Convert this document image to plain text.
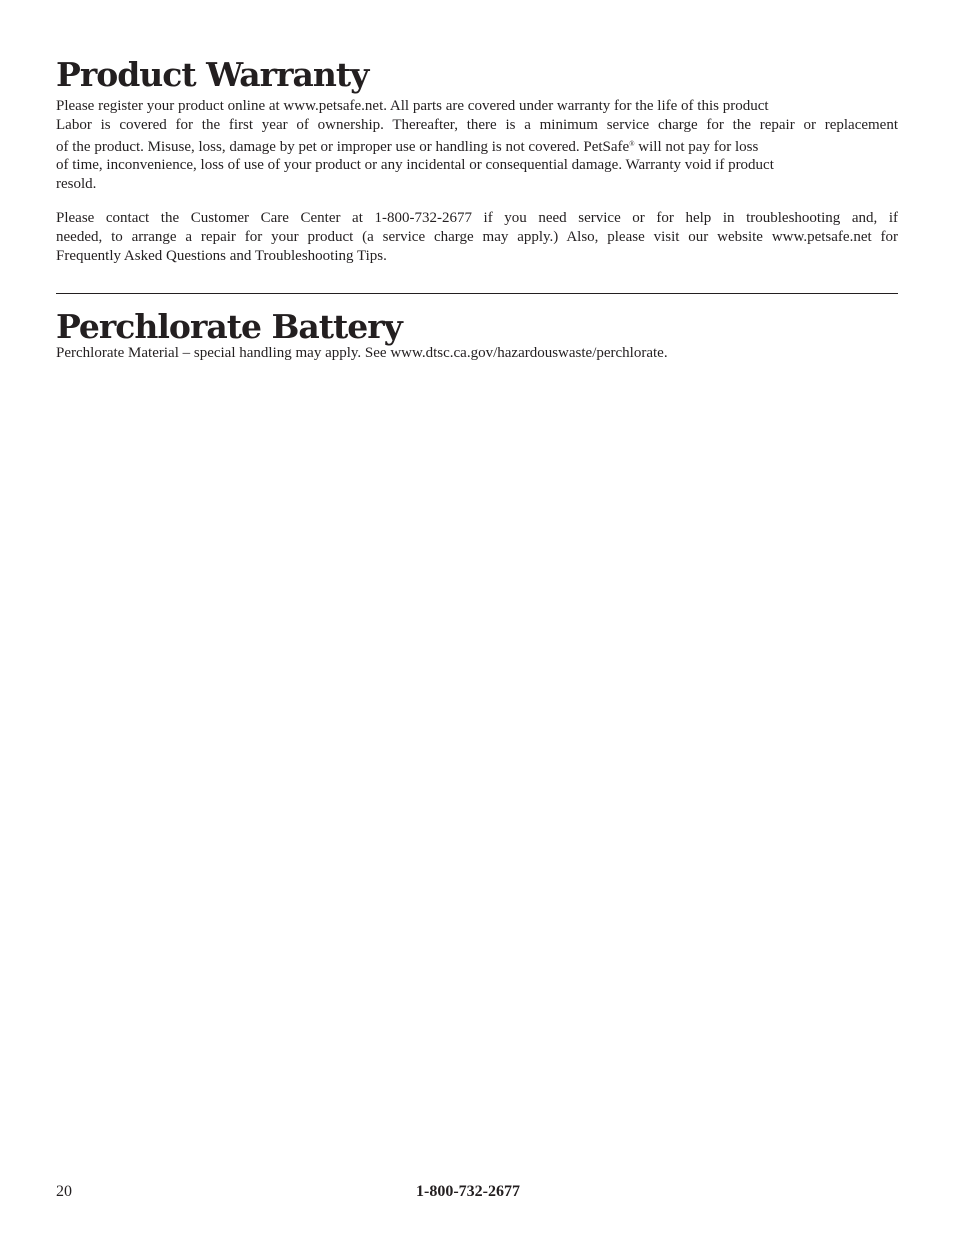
Product Warranty

Please register your product online at www.petsafe.net. All parts are covered under warranty for the life of this product
Labor is covered for the first year of ownership. Thereafter, there is a minimum service charge for the repair or replacement
of the product. Misuse, loss, damage by pet or improper use or handling is not covered. PetSafe® will not pay for loss
of time, inconvenience, loss of use of your product or any incidental or consequential damage. Warranty void if product
resold.

Please contact the Customer Care Center at 1-800-732-2677 if you need service or for help in troubleshooting and, if
needed, to arrange a repair for your product (a service charge may apply.) Also, please visit our website www.petsafe.net for
Frequently Asked Questions and Troubleshooting Tips.

Perchlorate Battery

Perchlorate Material – special handling may apply. See www.dtsc.ca.gov/hazardouswaste/perchlorate.

20	1-800-732-2677
